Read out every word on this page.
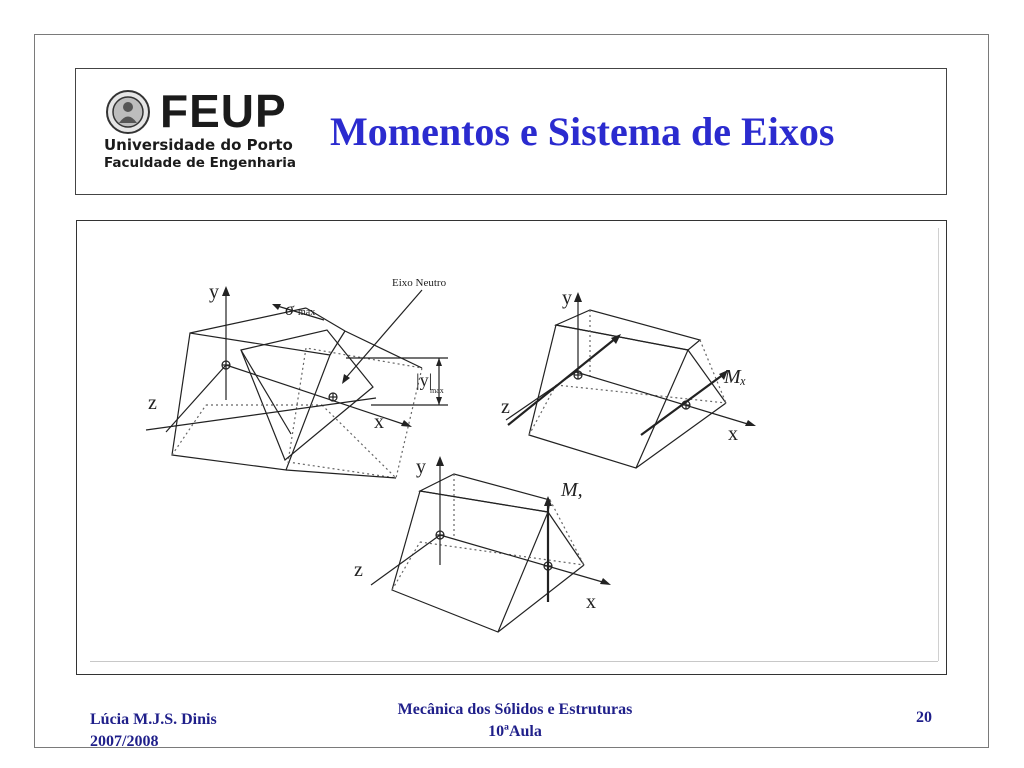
FEUP
Universidade do Porto
Faculdade de Engenharia
Momentos e Sistema de Eixos
y
z
x
σ max
Eixo Neutro
|y|
max
y
z
x
Mₓ
y
z
x
M,
Lúcia M.J.S. Dinis
2007/2008
Mecânica dos Sólidos e Estruturas
10ªAula
20
